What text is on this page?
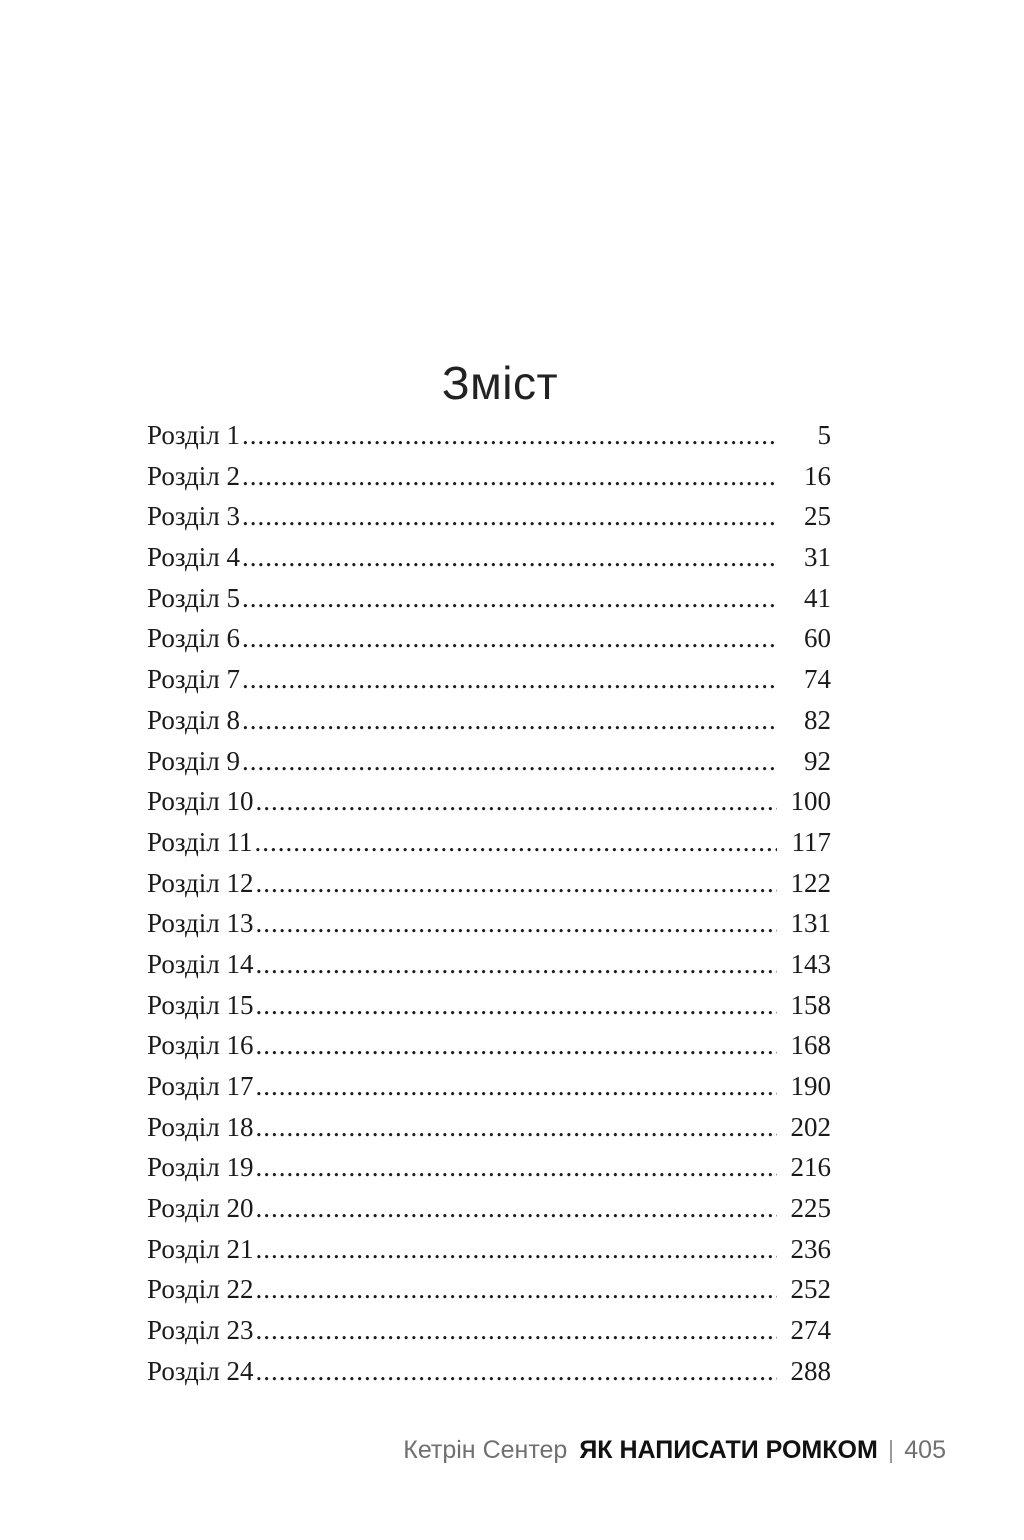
Зміст
Розділ 1 .....	5
Розділ 2 .....	16
Розділ 3 .....	25
Розділ 4 .....	31
Розділ 5 .....	41
Розділ 6 .....	60
Розділ 7 .....	74
Розділ 8 .....	82
Розділ 9 .....	92
Розділ 10 .....	100
Розділ 11 .....	117
Розділ 12 .....	122
Розділ 13 .....	131
Розділ 14 .....	143
Розділ 15 .....	158
Розділ 16 .....	168
Розділ 17 .....	190
Розділ 18 .....	202
Розділ 19 .....	216
Розділ 20 .....	225
Розділ 21 .....	236
Розділ 22 .....	252
Розділ 23 .....	274
Розділ 24 .....	288
Кетрін Сентер ЯК НАПИСАТИ РОМКОМ | 405
